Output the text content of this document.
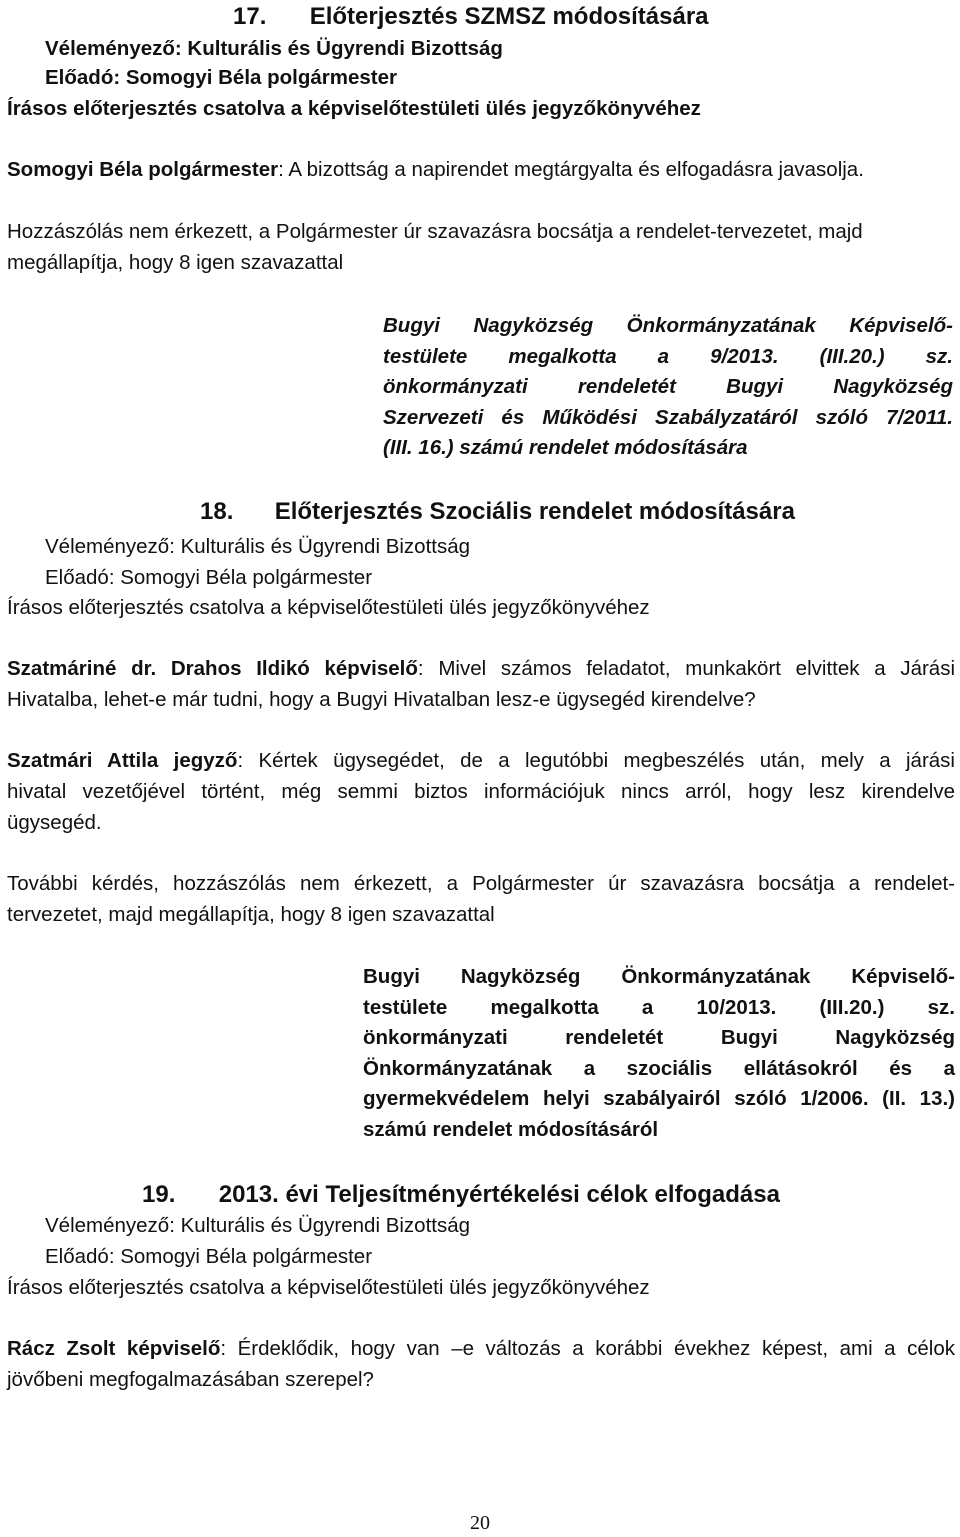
17. Előterjesztés SZMSZ módosítására
Véleményező: Kulturális és Ügyrendi Bizottság
Előadó: Somogyi Béla polgármester
Írásos előterjesztés csatolva a képviselőtestületi ülés jegyzőkönyvéhez
Somogyi Béla polgármester: A bizottság a napirendet megtárgyalta és elfogadásra javasolja.
Hozzászólás nem érkezett, a Polgármester úr szavazásra bocsátja a rendelet-tervezetet, majd
megállapítja, hogy 8 igen szavazattal
Bugyi Nagyközség Önkormányzatának Képviselő-
testülete megalkotta a 9/2013. (III.20.) sz.
önkormányzati rendeletét Bugyi Nagyközség
Szervezeti és Működési Szabályzatáról szóló 7/2011.
(III. 16.) számú rendelet módosítására
18. Előterjesztés Szociális rendelet módosítására
Véleményező: Kulturális és Ügyrendi Bizottság
Előadó: Somogyi Béla polgármester
Írásos előterjesztés csatolva a képviselőtestületi ülés jegyzőkönyvéhez
Szatmáriné dr. Drahos Ildikó képviselő: Mivel számos feladatot, munkakört elvittek a Járási
Hivatalba, lehet-e már tudni, hogy a Bugyi Hivatalban lesz-e ügysegéd kirendelve?
Szatmári Attila jegyző: Kértek ügysegédet, de a legutóbbi megbeszélés után, mely a járási
hivatal vezetőjével történt, még semmi biztos információjuk nincs arról, hogy lesz kirendelve
ügysegéd.
További kérdés, hozzászólás nem érkezett, a Polgármester úr szavazásra bocsátja a rendelet-
tervezetet, majd megállapítja, hogy 8 igen szavazattal
Bugyi Nagyközség Önkormányzatának Képviselő-
testülete megalkotta a 10/2013. (III.20.) sz.
önkormányzati rendeletét Bugyi Nagyközség
Önkormányzatának a szociális ellátásokról és a
gyermekvédelem helyi szabályairól szóló 1/2006. (II. 13.)
számú rendelet módosításáról
19. 2013. évi Teljesítményértékelési célok elfogadása
Véleményező: Kulturális és Ügyrendi Bizottság
Előadó: Somogyi Béla polgármester
Írásos előterjesztés csatolva a képviselőtestületi ülés jegyzőkönyvéhez
Rácz Zsolt képviselő: Érdeklődik, hogy van –e változás a korábbi évekhez képest, ami a célok
jövőbeni megfogalmazásában szerepel?
20
